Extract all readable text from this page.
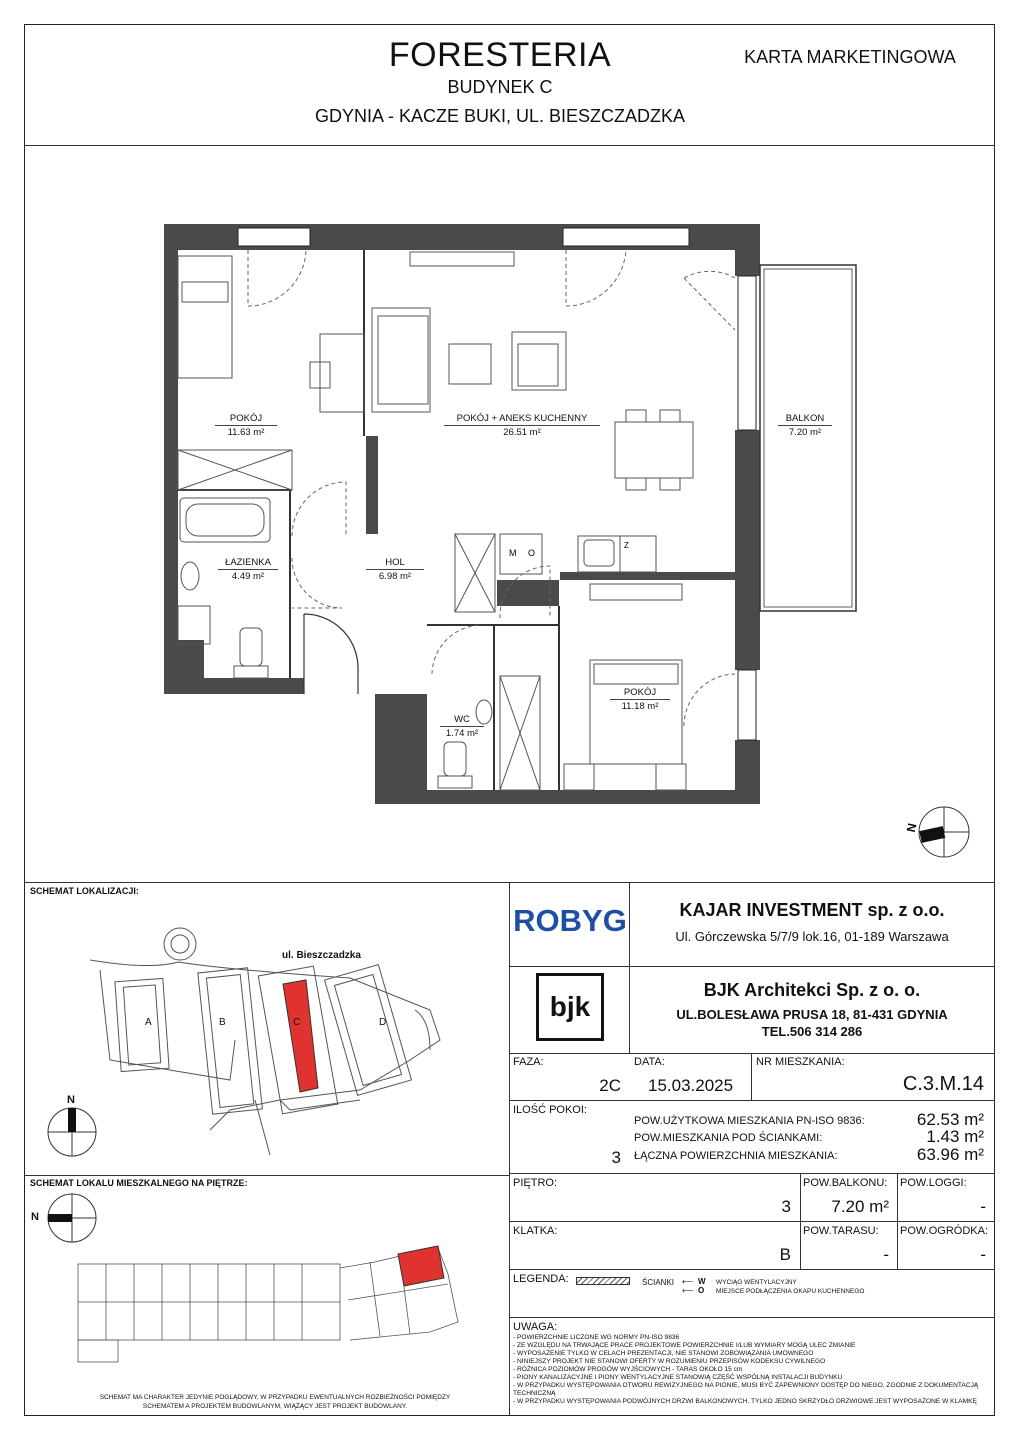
FORESTERIA
BUDYNEK C
GDYNIA - KACZE BUKI, UL. BIESZCZADZKA
KARTA MARKETINGOWA
N
M O
Z
POKÓJ
11.63 m²
POKÓJ + ANEKS KUCHENNY
26.51 m²
BALKON
7.20 m²
ŁAZIENKA
4.49 m²
HOL
6.98 m²
WC
1.74 m²
POKÓJ
11.18 m²
SCHEMAT LOKALIZACJI:
ul. Bieszczadzka
A	B	C	D
N
SCHEMAT LOKALU MIESZKALNEGO NA PIĘTRZE:
N
SCHEMAT MA CHARAKTER JEDYNIE POGLĄDOWY, W PRZYPADKU EWENTUALNYCH ROZBIEŻNOŚCI POMIĘDZY SCHEMATEM A PROJEKTEM BUDOWLANYM, WIĄŻĄCY JEST PROJEKT BUDOWLANY.
ROBYG	KAJAR INVESTMENT sp. z o.o.
Ul. Górczewska 5/7/9 lok.16, 01-189 Warszawa
bjk
BJK Architekci Sp. z o. o.
UL.BOLESŁAWA PRUSA 18, 81-431 GDYNIA
TEL.506 314 286
FAZA:
2C
DATA:
15.03.2025
NR MIESZKANIA:
C.3.M.14
ILOŚĆ POKOI:
3
POW.UŻYTKOWA MIESZKANIA PN-ISO 9836:	62.53 m²
POW.MIESZKANIA POD ŚCIANKAMI:	1.43 m²
ŁĄCZNA POWIERZCHNIA MIESZKANIA:	63.96 m²
PIĘTRO:
3
POW.BALKONU:
7.20 m²
POW.LOGGI:
-
KLATKA:
B
POW.TARASU:
-
POW.OGRÓDKA:
-
LEGENDA:	ŚCIANKI ⟵ W WYCIĄG WENTYLACYJNY
⟵ O MIEJSCE PODŁĄCZENIA OKAPU KUCHENNEGO
UWAGA:
- POWIERZCHNIE LICZONE WG NORMY PN-ISO 9836
- ZE WZGLĘDU NA TRWAJĄCE PRACE PROJEKTOWE POWIERZCHNIE I/LUB WYMIARY MOGĄ ULEC ZMIANIE
- WYPOSAŻENIE TYLKO W CELACH PREZENTACJI, NIE STANOWI ZOBOWIĄZANIA UMOWNEGO
- NINIEJSZY PROJEKT NIE STANOWI OFERTY W ROZUMIENIU PRZEPISÓW KODEKSU CYWILNEGO
- RÓŻNICA POZIOMÓW PROGÓW WYJŚCIOWYCH - TARAS OKOŁO 15 cm
- PIONY KANALIZACYJNE I PIONY WENTYLACYJNE STANOWIĄ CZĘŚĆ WSPÓLNĄ INSTALACJI BUDYNKU
- W PRZYPADKU WYSTĘPOWANIA OTWORU REWIZYJNEGO NA PIONIE, MUSI BYĆ ZAPEWNIONY DOSTĘP DO NIEGO, ZGODNIE Z DOKUMENTACJĄ TECHNICZNĄ
- W PRZYPADKU WYSTĘPOWANIA PODWÓJNYCH DRZWI BALKONOWYCH, TYLKO JEDNO SKRZYDŁO DRZWIOWE JEST WYPOSAŻONE W KLAMKĘ
